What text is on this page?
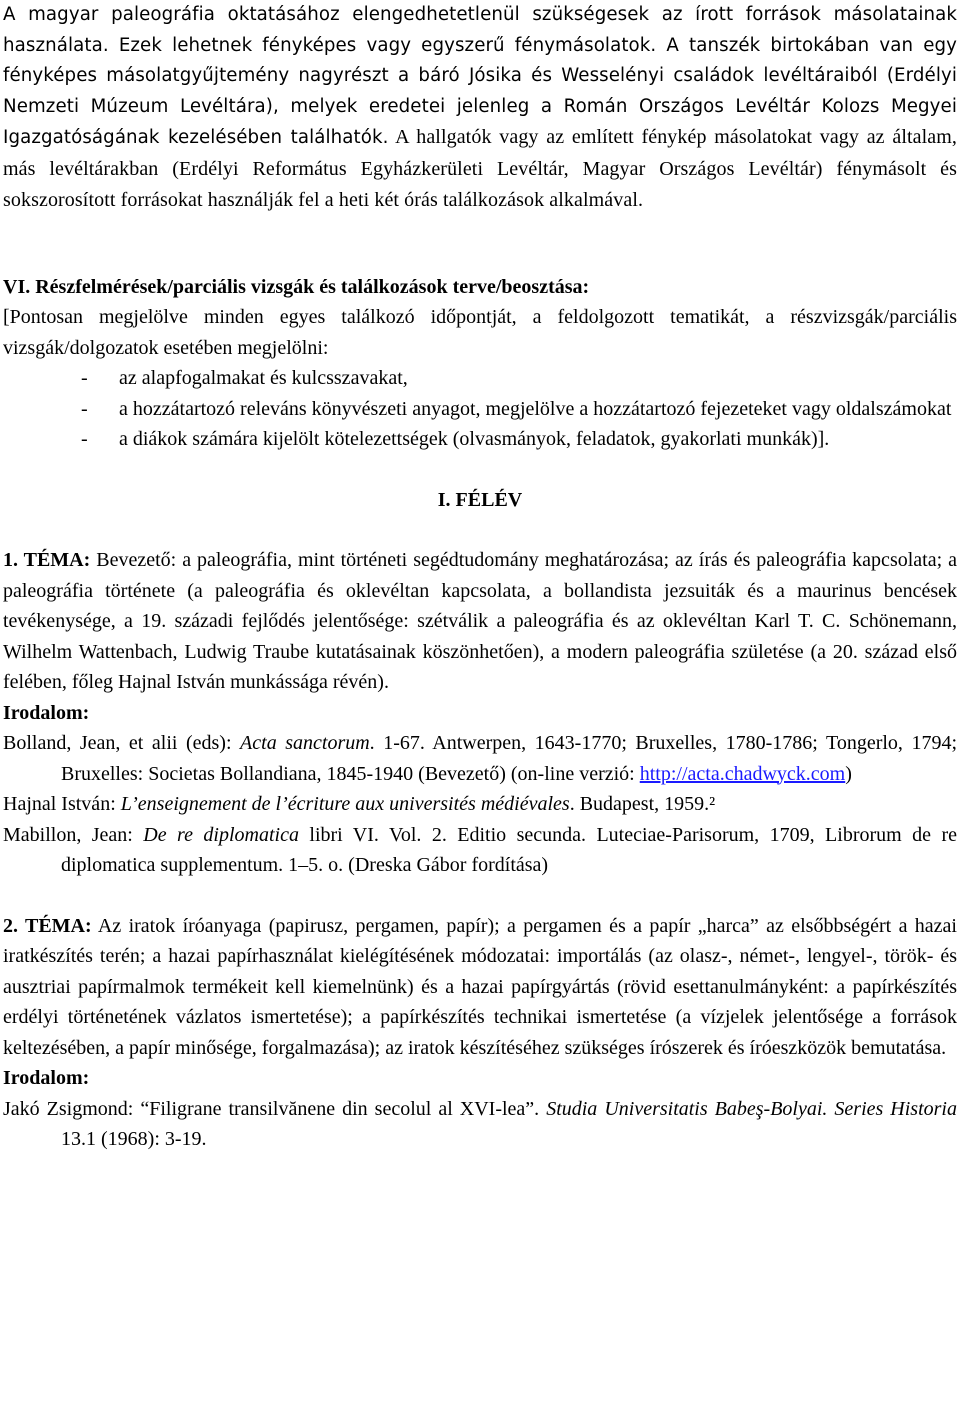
A magyar paleográfia oktatásához elengedhetetlenül szükségesek az írott források másolatainak használata. Ezek lehetnek fényképes vagy egyszerű fénymásolatok. A tanszék birtokában van egy fényképes másolatgyűjtemény nagyrészt a báró Jósika és Wesselényi családok levéltáraiból (Erdélyi Nemzeti Múzeum Levéltára), melyek eredetei jelenleg a Román Országos Levéltár Kolozs Megyei Igazgatóságának kezelésében találhatók. A hallgatók vagy az említett fénykép másolatokat vagy az általam, más levéltárakban (Erdélyi Református Egyházkerületi Levéltár, Magyar Országos Levéltár) fénymásolt és sokszorosított forrásokat használják fel a heti két órás találkozások alkalmával.

VI. Részfelmérések/parciális vizsgák és találkozások terve/beosztása:

[Pontosan megjelölve minden egyes találkozó időpontját, a feldolgozott tematikát, a részvizsgák/parciális vizsgák/dolgozatok esetében megjelölni:

- az alapfogalmakat és kulcsszavakat,
- a hozzátartozó releváns könyvészeti anyagot, megjelölve a hozzátartozó fejezeteket vagy oldalszámokat
- a diákok számára kijelölt kötelezettségek (olvasmányok, feladatok, gyakorlati munkák)].

I. FÉLÉV

1. TÉMA: Bevezető: a paleográfia, mint történeti segédtudomány meghatározása; az írás és paleográfia kapcsolata; a paleográfia története (a paleográfia és oklevéltan kapcsolata, a bollandista jezsuiták és a maurinus bencések tevékenysége, a 19. századi fejlődés jelentősége: szétválik a paleográfia és az oklevéltan Karl T. C. Schönemann, Wilhelm Wattenbach, Ludwig Traube kutatásainak köszönhetően), a modern paleográfia születése (a 20. század első felében, főleg Hajnal István munkássága révén).

Irodalom:

Bolland, Jean, et alii (eds): Acta sanctorum. 1-67. Antwerpen, 1643-1770; Bruxelles, 1780-1786; Tongerlo, 1794; Bruxelles: Societas Bollandiana, 1845-1940 (Bevezető) (on-line verzió: http://acta.chadwyck.com)

Hajnal István: L’enseignement de l’écriture aux universités médiévales. Budapest, 1959.²

Mabillon, Jean: De re diplomatica libri VI. Vol. 2. Editio secunda. Luteciae-Parisorum, 1709, Librorum de re diplomatica supplementum. 1–5. o. (Dreska Gábor fordítása)

2. TÉMA: Az iratok íróanyaga (papirusz, pergamen, papír); a pergamen és a papír „harca” az elsőbbségért a hazai iratkészítés terén; a hazai papírhasználat kielégítésének módozatai: importálás (az olasz-, német-, lengyel-, török- és ausztriai papírmalmok termékeit kell kiemelnünk) és a hazai papírgyártás (rövid esettanulmányként: a papírkészítés erdélyi történetének vázlatos ismertetése); a papírkészítés technikai ismertetése (a vízjelek jelentősége a források keltezésében, a papír minősége, forgalmazása); az iratok készítéséhez szükséges írószerek és íróeszközök bemutatása.

Irodalom:

Jakó Zsigmond: “Filigrane transilvănene din secolul al XVI-lea”. Studia Universitatis Babeş-Bolyai. Series Historia 13.1 (1968): 3-19.
